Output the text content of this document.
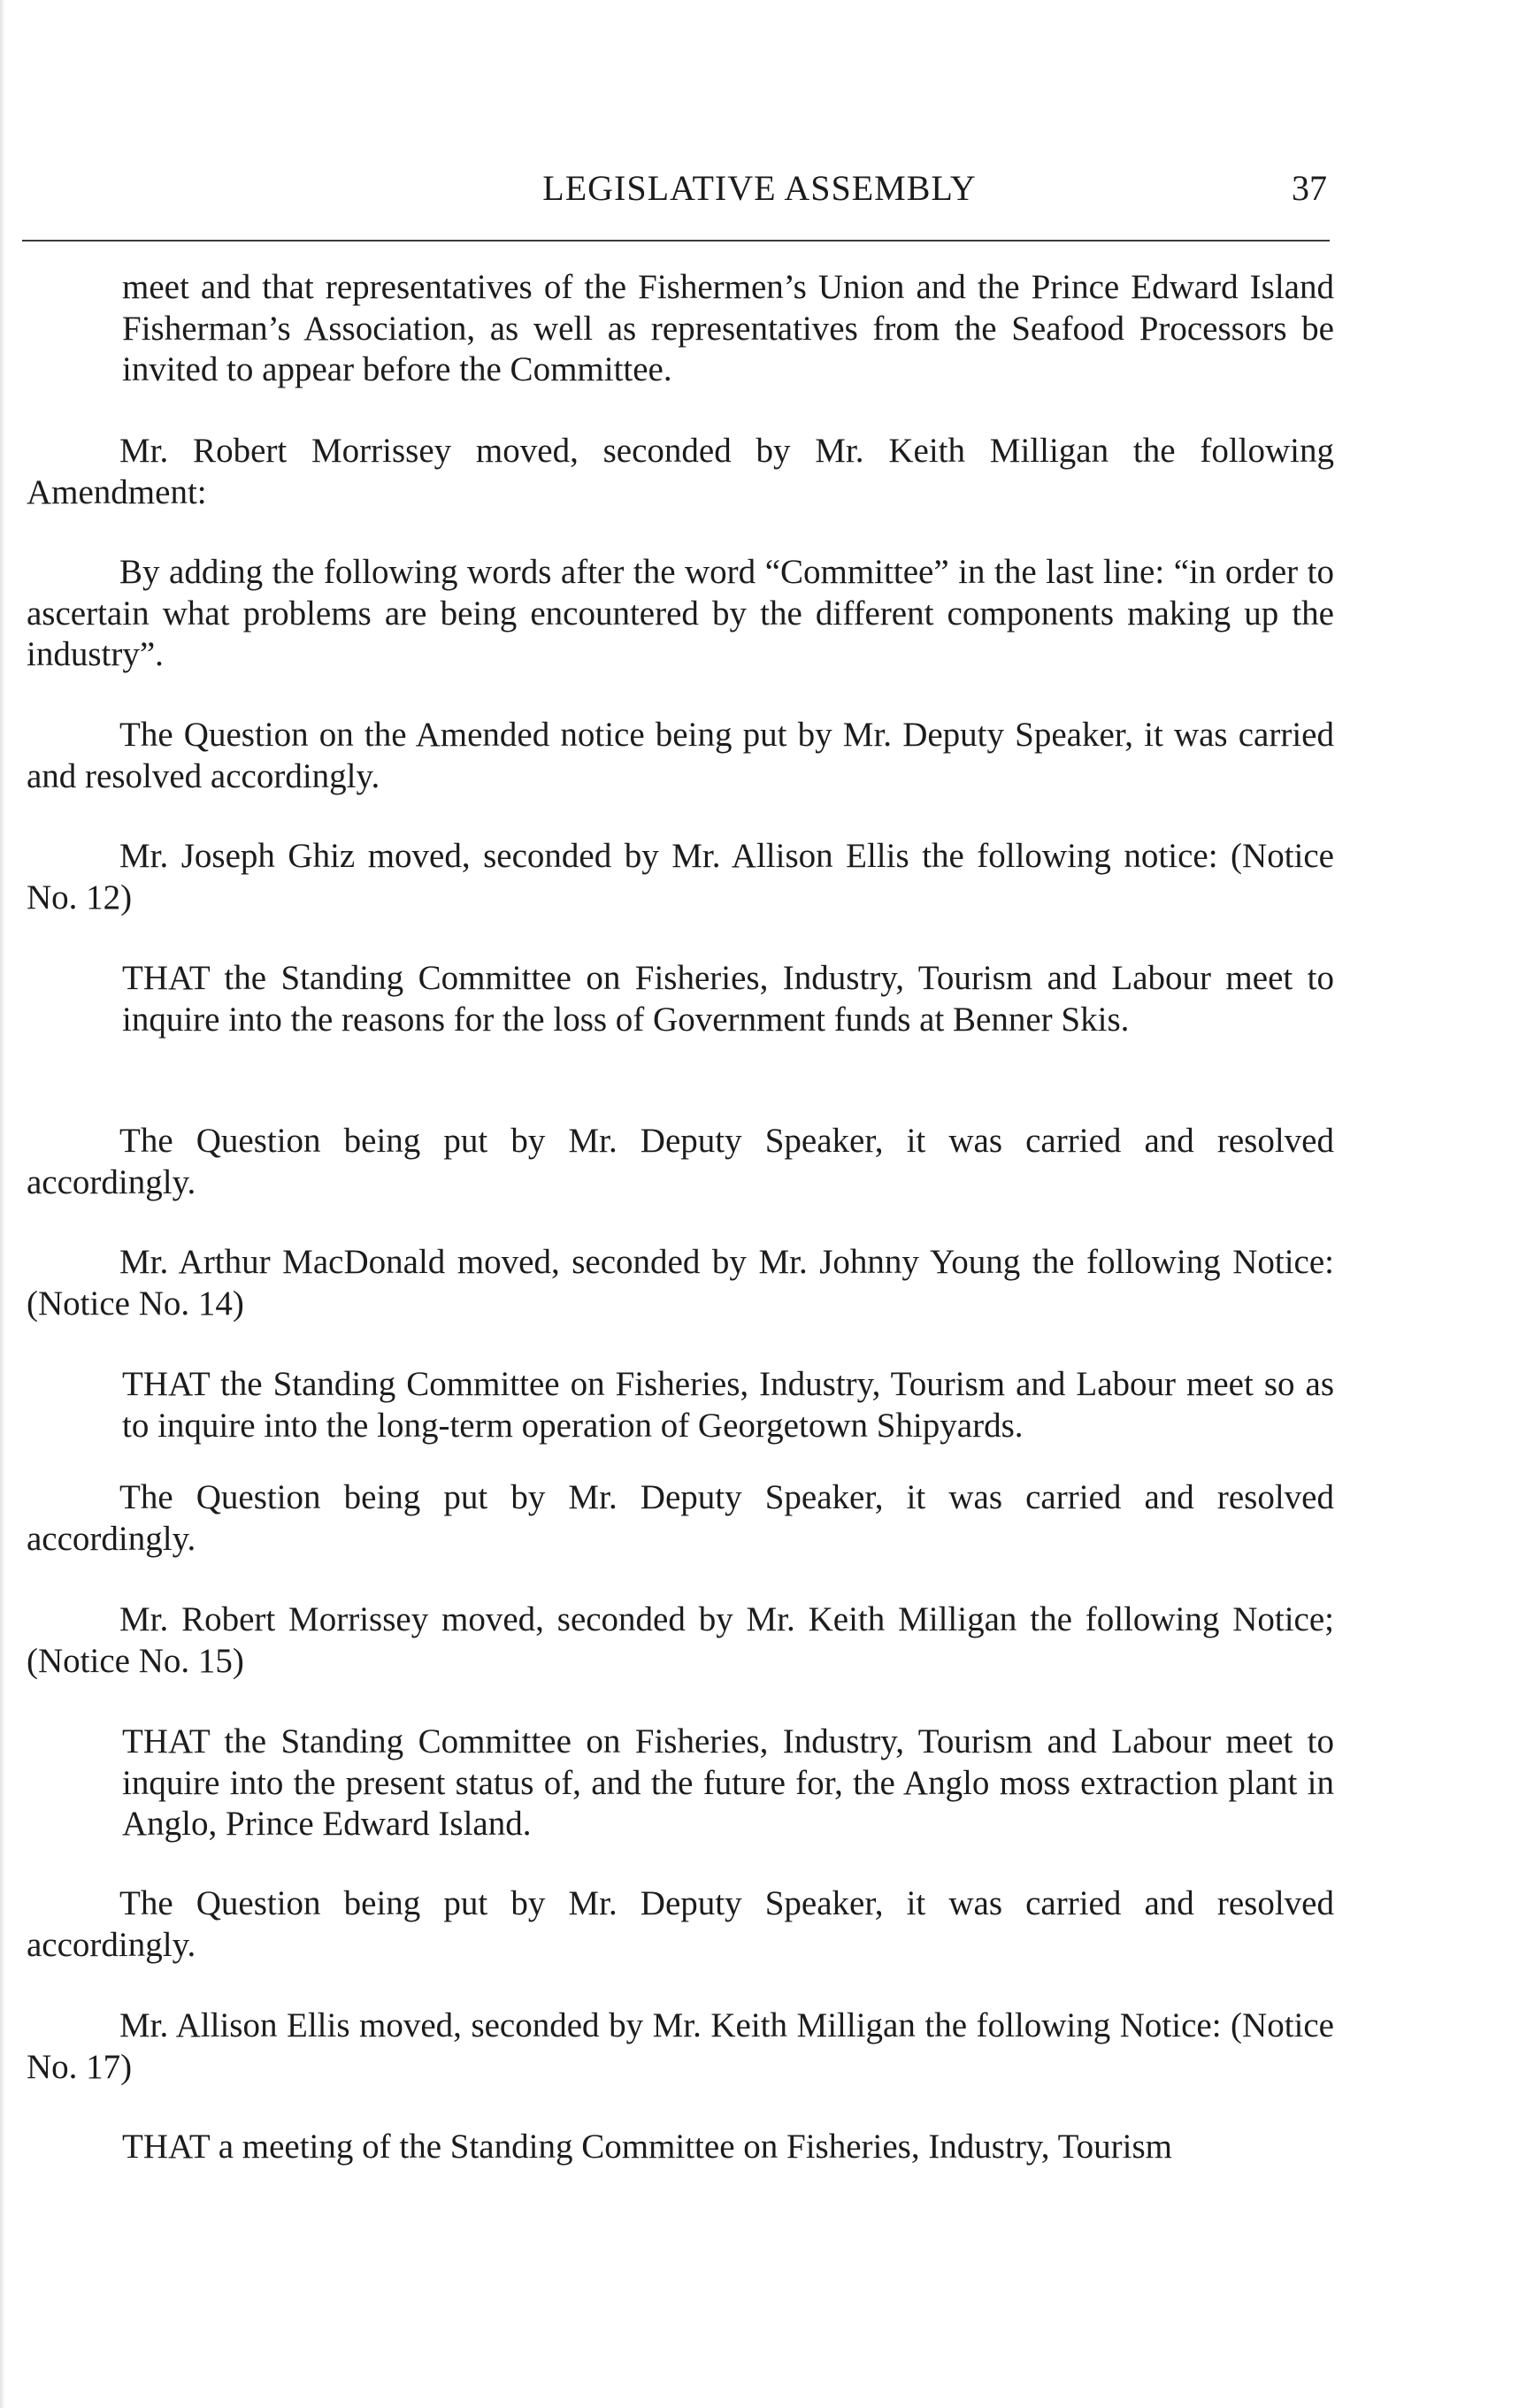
LEGISLATIVE ASSEMBLY	37

meet and that representatives of the Fishermen’s Union and the Prince Edward Island Fisherman’s Association, as well as representatives from the Seafood Processors be invited to appear before the Committee.

Mr. Robert Morrissey moved, seconded by Mr. Keith Milligan the following Amendment:

By adding the following words after the word “Committee” in the last line: “in order to ascertain what problems are being encountered by the different components making up the industry”.

The Question on the Amended notice being put by Mr. Deputy Speaker, it was carried and resolved accordingly.

Mr. Joseph Ghiz moved, seconded by Mr. Allison Ellis the following notice: (Notice No. 12)

THAT the Standing Committee on Fisheries, Industry, Tourism and Labour meet to inquire into the reasons for the loss of Government funds at Benner Skis.

The Question being put by Mr. Deputy Speaker, it was carried and resolved accordingly.

Mr. Arthur MacDonald moved, seconded by Mr. Johnny Young the following Notice: (Notice No. 14)

THAT the Standing Committee on Fisheries, Industry, Tourism and Labour meet so as to inquire into the long-term operation of Georgetown Shipyards.

The Question being put by Mr. Deputy Speaker, it was carried and resolved accordingly.

Mr. Robert Morrissey moved, seconded by Mr. Keith Milligan the following Notice; (Notice No. 15)

THAT the Standing Committee on Fisheries, Industry, Tourism and Labour meet to inquire into the present status of, and the future for, the Anglo moss extraction plant in Anglo, Prince Edward Island.

The Question being put by Mr. Deputy Speaker, it was carried and resolved accordingly.

Mr. Allison Ellis moved, seconded by Mr. Keith Milligan the following Notice: (Notice No. 17)

THAT a meeting of the Standing Committee on Fisheries, Industry, Tourism
